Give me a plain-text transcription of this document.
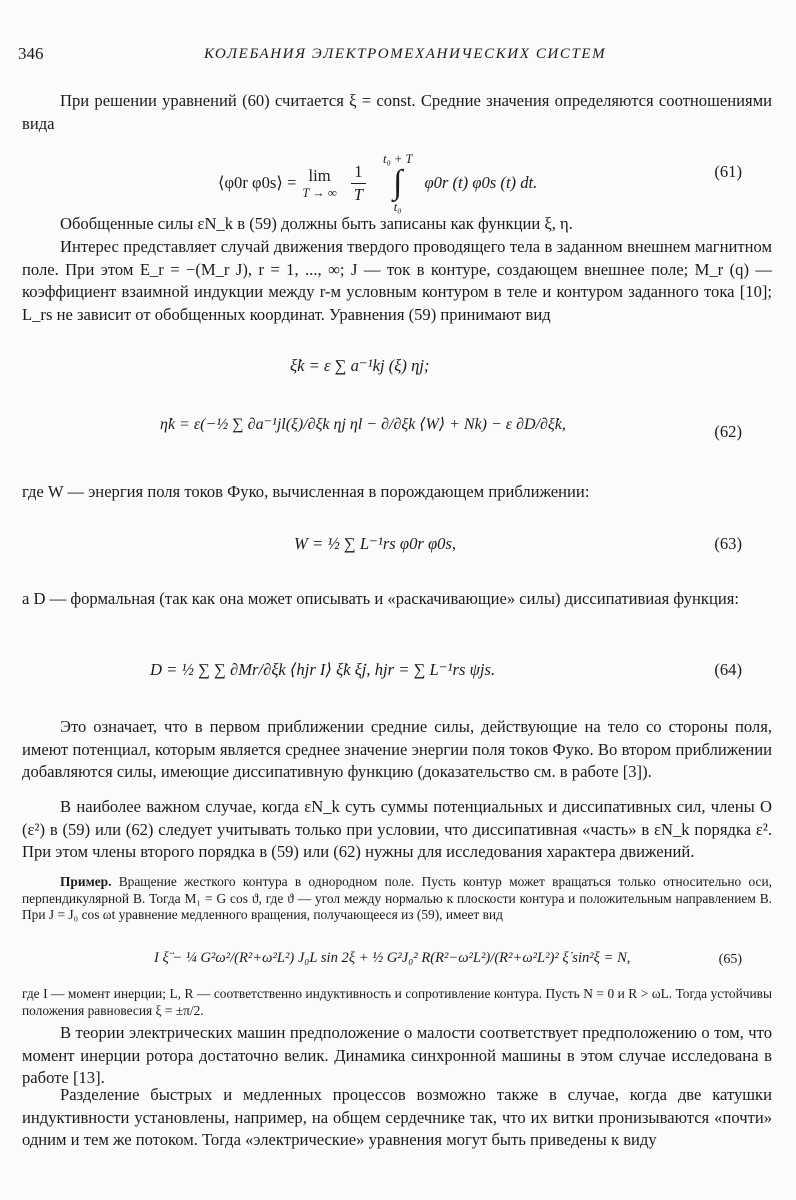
346	КОЛЕБАНИЯ ЭЛЕКТРОМЕХАНИЧЕСКИХ СИСТЕМ
При решении уравнений (60) считается ξ = const. Средние значения определяются соотношениями вида
⟨φ0r φ0s⟩ = lim
T → ∞ $\frac{1}{T}$
t₀ + T
∫
t₀
φ0r (t) φ0s (t) dt.
(61)
Обобщенные силы εN_k в (59) должны быть записаны как функции ξ, η.
Интерес представляет случай движения твердого проводящего тела в заданном внешнем магнитном поле. При этом E_r = −(M_r J), r = 1, ..., ∞; J — ток в контуре, создающем внешнее поле; M_r (q) — коэффициент взаимной индукции между r-м условным контуром в теле и контуром заданного тока [10]; L_rs не зависит от обобщенных координат. Уравнения (59) принимают вид
ξ̇k = ε ∑ a⁻¹kj (ξ) ηj;
η̇k = ε(−½ ∑ ∂a⁻¹jl(ξ)/∂ξk ηj ηl − ∂/∂ξk ⟨W⟩ + Nk) − ε ∂D/∂ξ̇k,	(62)
где W — энергия поля токов Фуко, вычисленная в порождающем приближении:
W = ½ ∑ L⁻¹rs φ0r φ0s,	(63)
а D — формальная (так как она может описывать и «раскачивающие» силы) диссипативиая функция:
D = ½ ∑ ∑ ∂Mr/∂ξk ⟨hjr I⟩ ξ̇k ξ̇j, hjr = ∑ L⁻¹rs ψjs.	(64)
Это означает, что в первом приближении средние силы, действующие на тело со стороны поля, имеют потенциал, которым является среднее значение энергии поля токов Фуко. Во втором приближении добавляются силы, имеющие диссипативную функцию (доказательство см. в работе [3]).
В наиболее важном случае, когда εN_k суть суммы потенциальных и диссипативных сил, члены O (ε²) в (59) или (62) следует учитывать только при условии, что диссипативная «часть» в εN_k порядка ε². При этом члены второго порядка в (59) или (62) нужны для исследования характера движений.
Пример. Вращение жесткого контура в однородном поле. Пусть контур может вращаться только относительно оси, перпендикулярной B. Тогда M₁ = G cos ϑ, где ϑ — угол между нормалью к плоскости контура и положительным направлением B. При J = J₀ cos ωt уравнение медленного вращения, получающееся из (59), имеет вид
I ξ̈ − ¼ G²ω²/(R²+ω²L²) J₀L sin 2ξ + ½ G²J₀² R(R²−ω²L²)/(R²+ω²L²)² ξ̇ sin²ξ = N,	(65)
где I — момент инерции; L, R — соответственно индуктивность и сопротивление контура. Пусть N = 0 и R > ωL. Тогда устойчивы положения равновесия ξ = ±π/2.
В теории электрических машин предположение о малости соответствует предположению о том, что момент инерции ротора достаточно велик. Динамика синхронной машины в этом случае исследована в работе [13].
Разделение быстрых и медленных процессов возможно также в случае, когда две катушки индуктивности установлены, например, на общем сердечнике так, что их витки пронизываются «почти» одним и тем же потоком. Тогда «электрические» уравнения могут быть приведены к виду
